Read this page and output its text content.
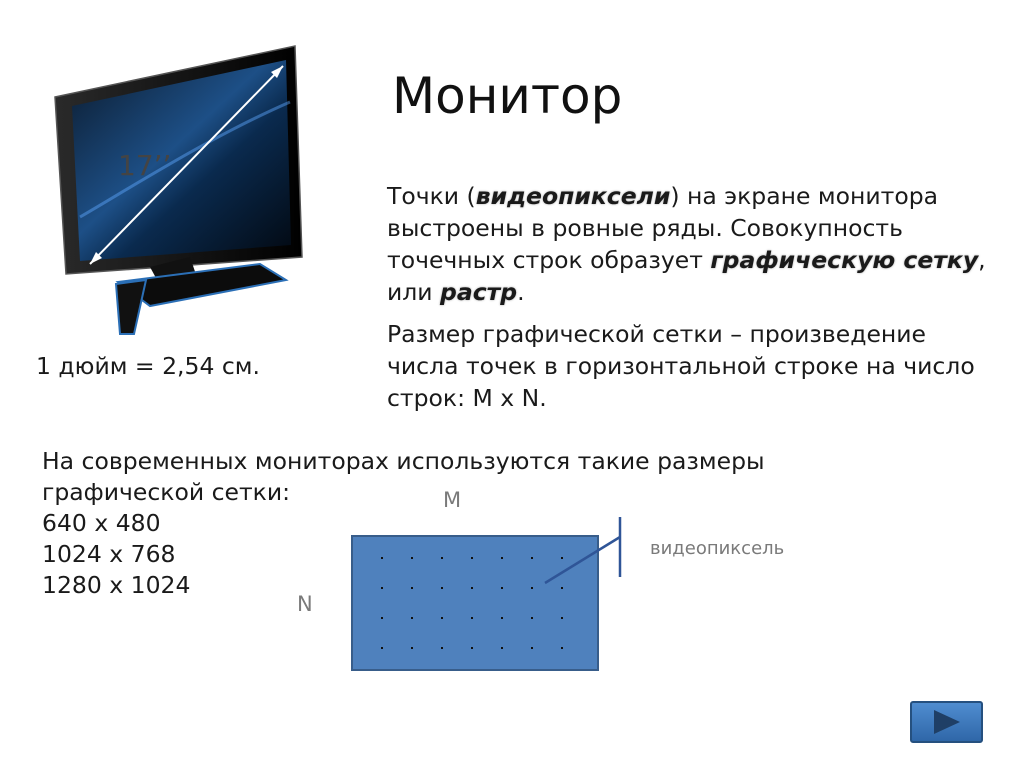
17’’
Монитор
Точки (видеопиксели) на экране монитора выстроены в ровные ряды. Совокупность точечных строк образует графическую сетку, или растр.
Размер графической сетки – произведение числа точек в горизонтальной строке на число строк: M x N.
1 дюйм = 2,54 см.
На современных мониторах используются такие размеры графической сетки:
640 x 480
1024 x 768
1280 x 1024
M
N
видеопиксель
